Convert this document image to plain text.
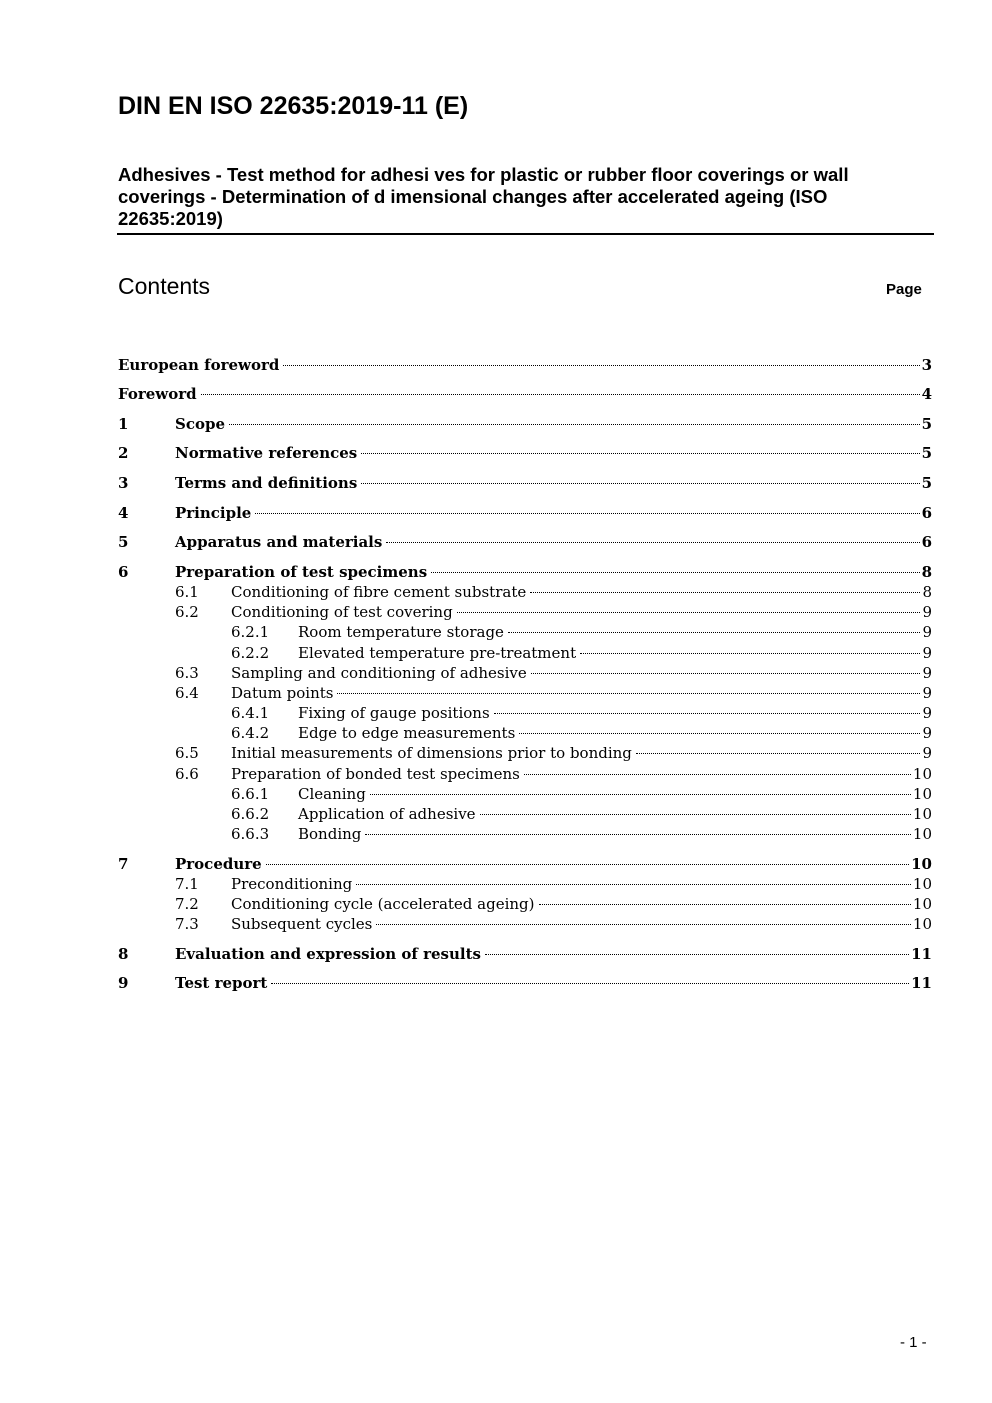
DIN EN ISO 22635:2019-11 (E)
Adhesives - Test method for adhesi ves for plastic or rubber floor coverings or wall coverings - Determination of d imensional changes after accelerated ageing (ISO 22635:2019)
Contents	Page
European foreword	3
Foreword	4
1	Scope	5
2	Normative references	5
3	Terms and definitions	5
4	Principle	6
5	Apparatus and materials	6
6	Preparation of test specimens	8
6.1	Conditioning of fibre cement substrate	8
6.2	Conditioning of test covering	9
6.2.1	Room temperature storage	9
6.2.2	Elevated temperature pre-treatment	9
6.3	Sampling and conditioning of adhesive	9
6.4	Datum points	9
6.4.1	Fixing of gauge positions	9
6.4.2	Edge to edge measurements	9
6.5	Initial measurements of dimensions prior to bonding	9
6.6	Preparation of bonded test specimens	10
6.6.1	Cleaning	10
6.6.2	Application of adhesive	10
6.6.3	Bonding	10
7	Procedure	10
7.1	Preconditioning	10
7.2	Conditioning cycle (accelerated ageing)	10
7.3	Subsequent cycles	10
8	Evaluation and expression of results	11
9	Test report	11
- 1 -
